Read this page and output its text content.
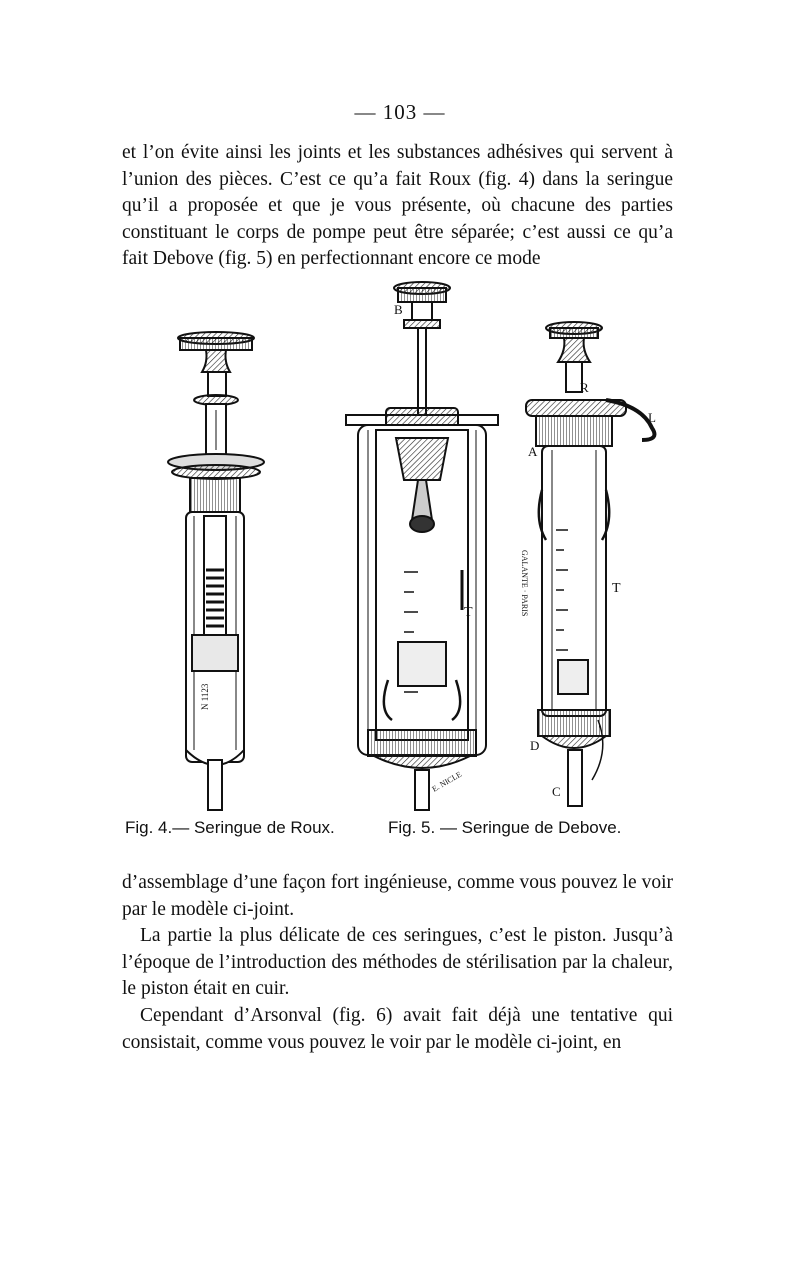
— 103 —

et l’on évite ainsi les joints et les substances adhésives qui servent à l’union des pièces. C’est ce qu’a fait Roux (fig. 4) dans la seringue qu’il a proposée et que je vous présente, où chacune des parties constituant le corps de pompe peut être séparée; c’est aussi ce qu’a fait Debove (fig. 5) en perfectionnant encore ce mode

N 1123
B
T
E. NICLE
GALANTE · PARIS
R
L
A
T
D
C
Fig. 4.— Seringue de Roux.	Fig. 5. — Seringue de Debove.

d’assemblage d’une façon fort ingénieuse, comme vous pouvez le voir par le modèle ci-joint.

La partie la plus délicate de ces seringues, c’est le piston. Jusqu’à l’époque de l’introduction des méthodes de stérilisation par la chaleur, le piston était en cuir.

Cependant d’Arsonval (fig. 6) avait fait déjà une tentative qui consistait, comme vous pouvez le voir par le modèle ci-joint, en
